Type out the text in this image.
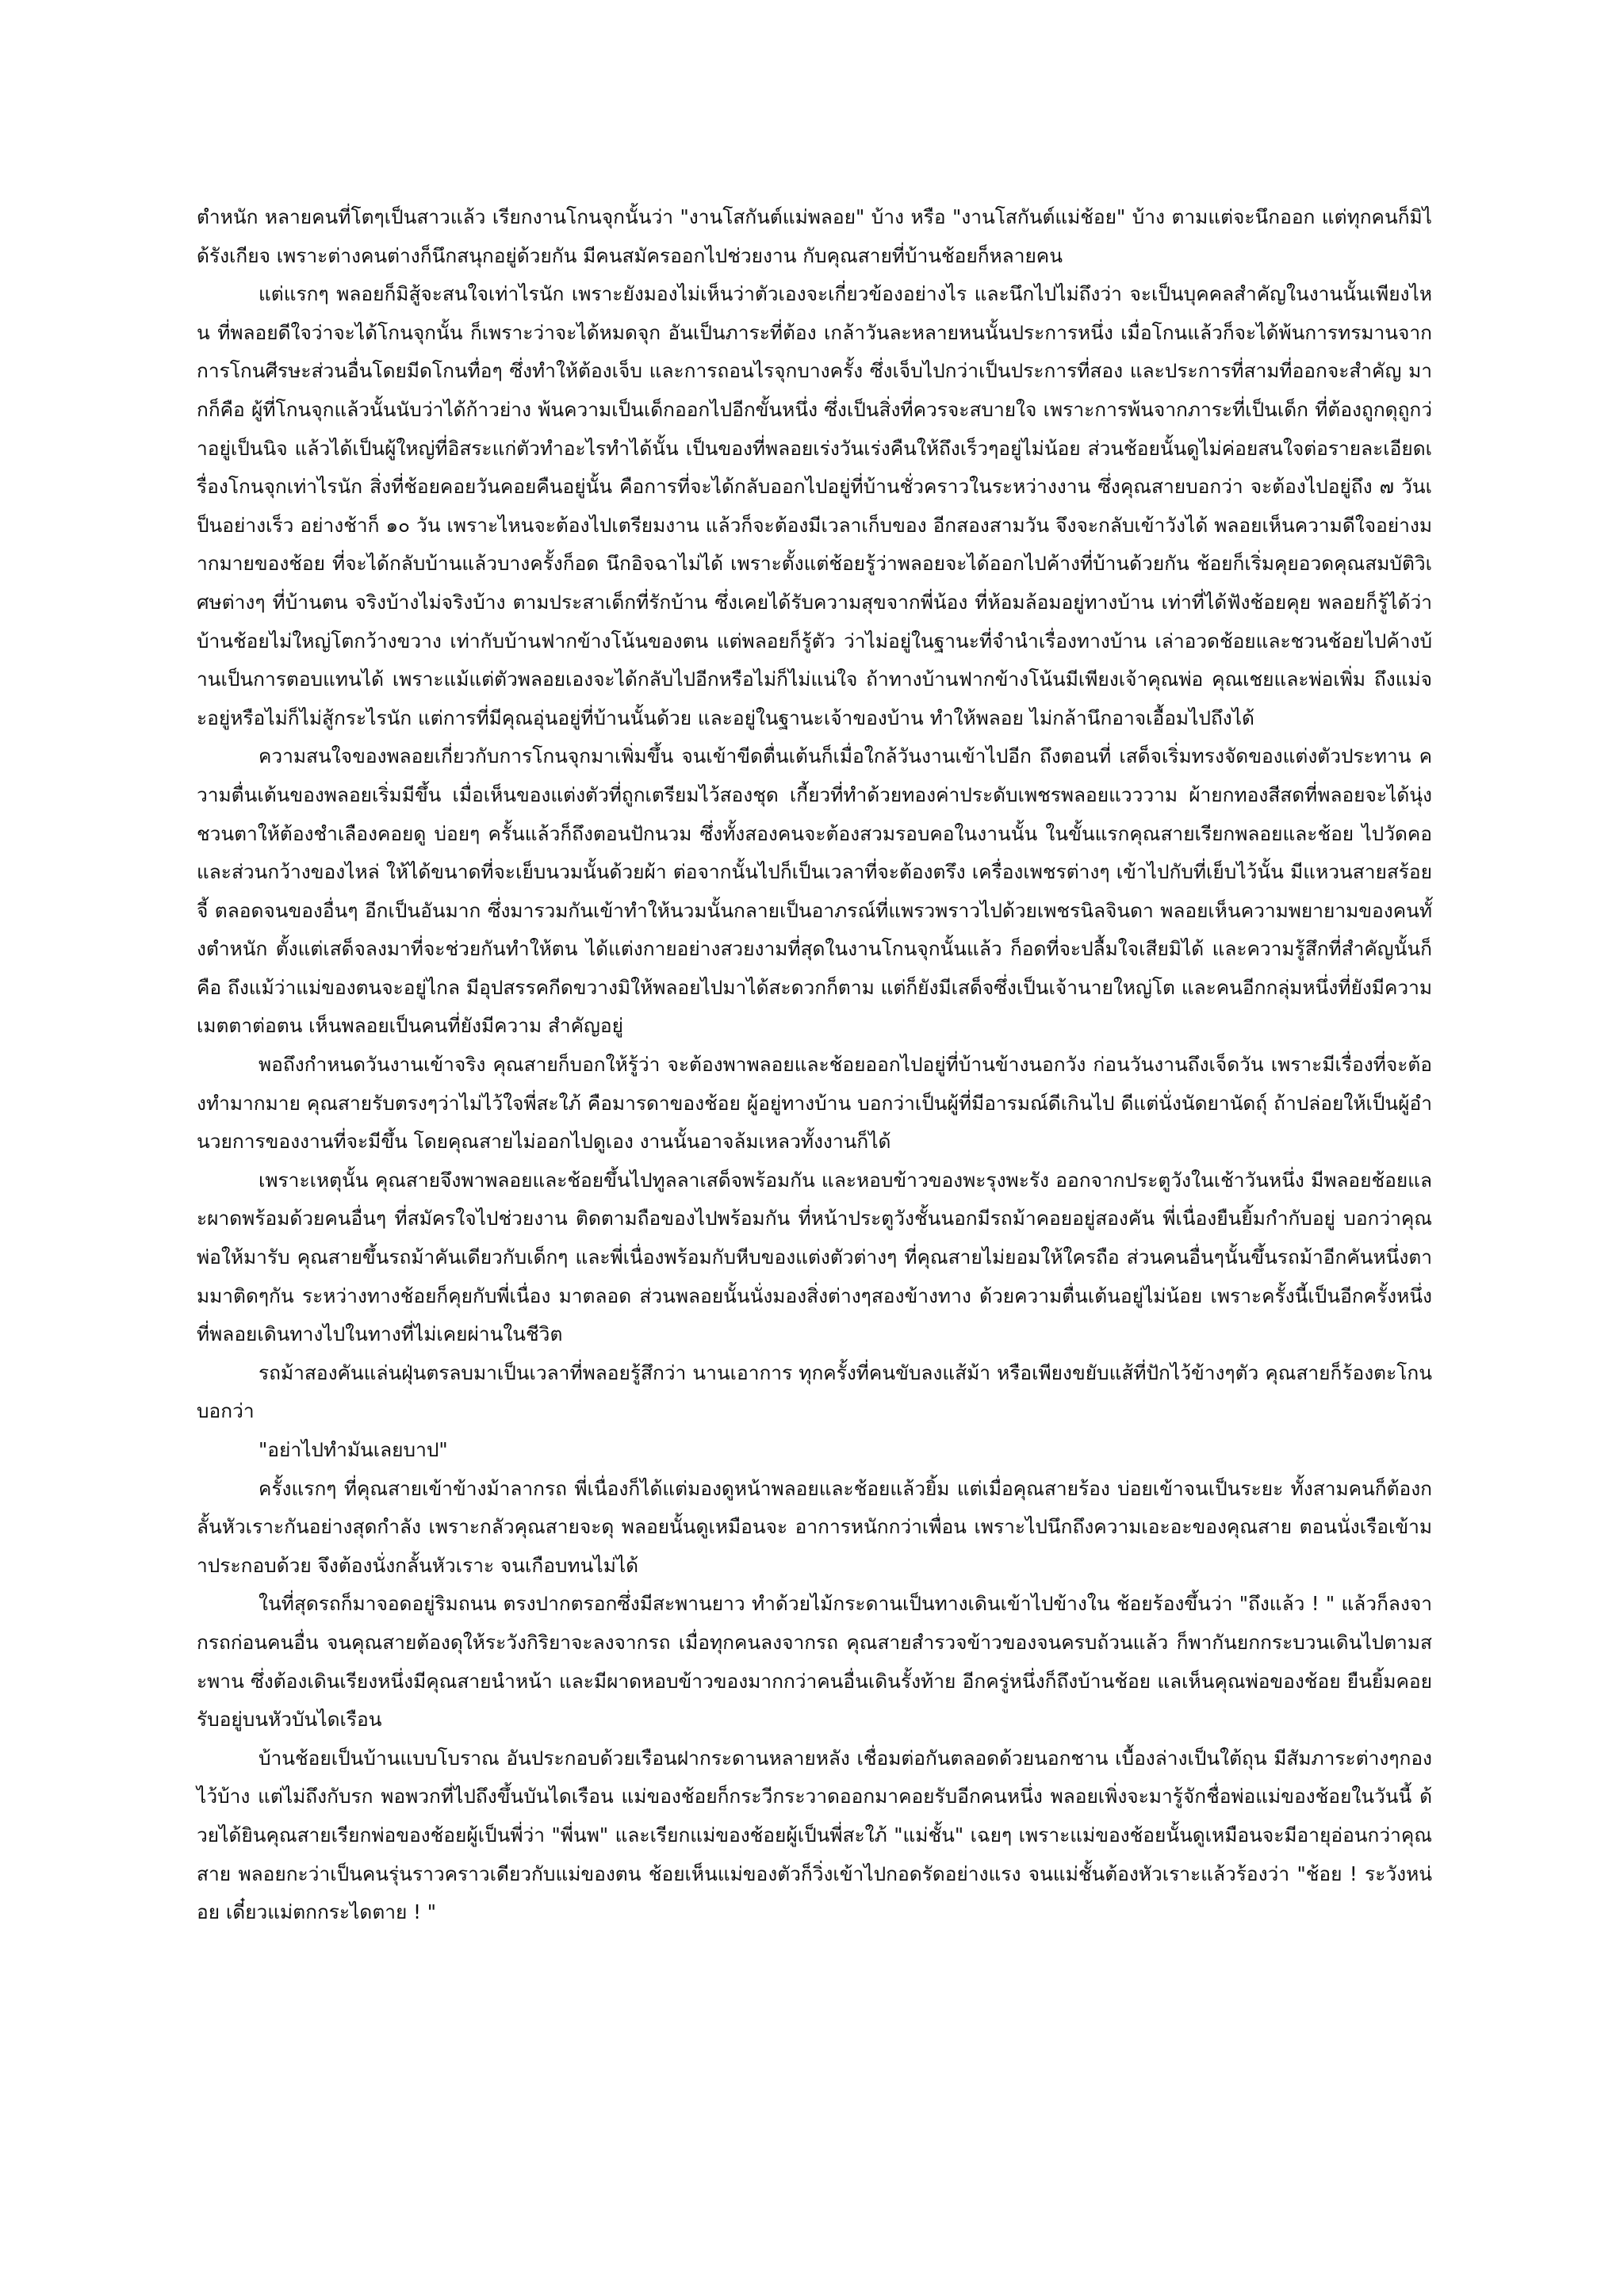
ตำหนัก หลายคนที่โตๆเป็นสาวแล้ว เรียกงานโกนจุกนั้นว่า "งานโสกันต์แม่พลอย" บ้าง หรือ "งานโสกันต์แม่ช้อย" บ้าง ตามแต่จะนึกออก แต่ทุกคนก็มิได้รังเกียจ เพราะต่างคนต่างก็นึกสนุกอยู่ด้วยกัน มีคนสมัครออกไปช่วยงาน กับคุณสายที่บ้านช้อยก็หลายคน

แต่แรกๆ พลอยก็มิสู้จะสนใจเท่าไรนัก เพราะยังมองไม่เห็นว่าตัวเองจะเกี่ยวข้องอย่างไร และนึกไปไม่ถึงว่า จะเป็นบุคคลสำคัญในงานนั้นเพียงไหน ที่พลอยดีใจว่าจะได้โกนจุกนั้น ก็เพราะว่าจะได้หมดจุก อันเป็นภาระที่ต้อง เกล้าวันละหลายหนนั้นประการหนึ่ง เมื่อโกนแล้วก็จะได้พ้นการทรมานจากการโกนศีรษะส่วนอื่นโดยมีดโกนทื่อๆ ซึ่งทำให้ต้องเจ็บ และการถอนไรจุกบางครั้ง ซึ่งเจ็บไปกว่าเป็นประการที่สอง และประการที่สามที่ออกจะสำคัญ มากก็คือ ผู้ที่โกนจุกแล้วนั้นนับว่าได้ก้าวย่าง พ้นความเป็นเด็กออกไปอีกขั้นหนึ่ง ซึ่งเป็นสิ่งที่ควรจะสบายใจ เพราะการพ้นจากภาระที่เป็นเด็ก ที่ต้องถูกดุถูกว่าอยู่เป็นนิจ แล้วได้เป็นผู้ใหญ่ที่อิสระแก่ตัวทำอะไรทำได้นั้น เป็นของที่พลอยเร่งวันเร่งคืนให้ถึงเร็วๆอยู่ไม่น้อย ส่วนช้อยนั้นดูไม่ค่อยสนใจต่อรายละเอียดเรื่องโกนจุกเท่าไรนัก สิ่งที่ช้อยคอยวันคอยคืนอยู่นั้น คือการที่จะได้กลับออกไปอยู่ที่บ้านชั่วคราวในระหว่างงาน ซึ่งคุณสายบอกว่า จะต้องไปอยู่ถึง ๗ วันเป็นอย่างเร็ว อย่างช้าก็ ๑๐ วัน เพราะไหนจะต้องไปเตรียมงาน แล้วก็จะต้องมีเวลาเก็บของ อีกสองสามวัน จึงจะกลับเข้าวังได้ พลอยเห็นความดีใจอย่างมากมายของช้อย ที่จะได้กลับบ้านแล้วบางครั้งก็อด นึกอิจฉาไม่ได้ เพราะตั้งแต่ช้อยรู้ว่าพลอยจะได้ออกไปค้างที่บ้านด้วยกัน ช้อยก็เริ่มคุยอวดคุณสมบัติวิเศษต่างๆ ที่บ้านตน จริงบ้างไม่จริงบ้าง ตามประสาเด็กที่รักบ้าน ซึ่งเคยได้รับความสุขจากพี่น้อง ที่ห้อมล้อมอยู่ทางบ้าน เท่าที่ได้ฟังช้อยคุย พลอยก็รู้ได้ว่าบ้านช้อยไม่ใหญ่โตกว้างขวาง เท่ากับบ้านฟากข้างโน้นของตน แต่พลอยก็รู้ตัว ว่าไม่อยู่ในฐานะที่จำนำเรื่องทางบ้าน เล่าอวดช้อยและชวนช้อยไปค้างบ้านเป็นการตอบแทนได้ เพราะแม้แต่ตัวพลอยเองจะได้กลับไปอีกหรือไม่ก็ไม่แน่ใจ ถ้าทางบ้านฟากข้างโน้นมีเพียงเจ้าคุณพ่อ คุณเชยและพ่อเพิ่ม ถึงแม่จะอยู่หรือไม่ก็ไม่สู้กระไรนัก แต่การที่มีคุณอุ่นอยู่ที่บ้านนั้นด้วย และอยู่ในฐานะเจ้าของบ้าน ทำให้พลอย ไม่กล้านึกอาจเอื้อมไปถึงได้

ความสนใจของพลอยเกี่ยวกับการโกนจุกมาเพิ่มขึ้น จนเข้าขีดตื่นเต้นก็เมื่อใกล้วันงานเข้าไปอีก ถึงตอนที่ เสด็จเริ่มทรงจัดของแต่งตัวประทาน ความตื่นเต้นของพลอยเริ่มมีขึ้น เมื่อเห็นของแต่งตัวที่ถูกเตรียมไว้สองชุด เกี้ยวที่ทำด้วยทองค่าประดับเพชรพลอยแวววาม ผ้ายกทองสีสดที่พลอยจะได้นุ่ง ชวนตาให้ต้องชำเลืองคอยดู บ่อยๆ ครั้นแล้วก็ถึงตอนปักนวม ซึ่งทั้งสองคนจะต้องสวมรอบคอในงานนั้น ในขั้นแรกคุณสายเรียกพลอยและช้อย ไปวัดคอและส่วนกว้างของไหล่ ให้ได้ขนาดที่จะเย็บนวมนั้นด้วยผ้า ต่อจากนั้นไปก็เป็นเวลาที่จะต้องตรึง เครื่องเพชรต่างๆ เข้าไปกับที่เย็บไว้นั้น มีแหวนสายสร้อยจี้ ตลอดจนของอื่นๆ อีกเป็นอันมาก ซึ่งมารวมกันเข้าทำให้นวมนั้นกลายเป็นอาภรณ์ที่แพรวพราวไปด้วยเพชรนิลจินดา พลอยเห็นความพยายามของคนทั้งตำหนัก ตั้งแต่เสด็จลงมาที่จะช่วยกันทำให้ตน ได้แต่งกายอย่างสวยงามที่สุดในงานโกนจุกนั้นแล้ว ก็อดที่จะปลื้มใจเสียมิได้ และความรู้สึกที่สำคัญนั้นก็คือ ถึงแม้ว่าแม่ของตนจะอยู่ไกล มีอุปสรรคกีดขวางมิให้พลอยไปมาได้สะดวกก็ตาม แต่ก็ยังมีเสด็จซึ่งเป็นเจ้านายใหญ่โต และคนอีกกลุ่มหนึ่งที่ยังมีความเมตตาต่อตน เห็นพลอยเป็นคนที่ยังมีความ สำคัญอยู่

พอถึงกำหนดวันงานเข้าจริง คุณสายก็บอกให้รู้ว่า จะต้องพาพลอยและช้อยออกไปอยู่ที่บ้านข้างนอกวัง ก่อนวันงานถึงเจ็ดวัน เพราะมีเรื่องที่จะต้องทำมากมาย คุณสายรับตรงๆว่าไม่ไว้ใจพี่สะใภ้ คือมารดาของช้อย ผู้อยู่ทางบ้าน บอกว่าเป็นผู้ที่มีอารมณ์ดีเกินไป ดีแต่นั่งนัดยานัดถุ์ ถ้าปล่อยให้เป็นผู้อำนวยการของงานที่จะมีขึ้น โดยคุณสายไม่ออกไปดูเอง งานนั้นอาจล้มเหลวทั้งงานก็ได้

เพราะเหตุนั้น คุณสายจึงพาพลอยและช้อยขึ้นไปทูลลาเสด็จพร้อมกัน และหอบข้าวของพะรุงพะรัง ออกจากประตูวังในเช้าวันหนึ่ง มีพลอยช้อยและผาดพร้อมด้วยคนอื่นๆ ที่สมัครใจไปช่วยงาน ติดตามถือของไปพร้อมกัน ที่หน้าประตูวังชั้นนอกมีรถม้าคอยอยู่สองคัน พี่เนื่องยืนยิ้มกำกับอยู่ บอกว่าคุณพ่อให้มารับ คุณสายขึ้นรถม้าคันเดียวกับเด็กๆ และพี่เนื่องพร้อมกับหีบของแต่งตัวต่างๆ ที่คุณสายไม่ยอมให้ใครถือ ส่วนคนอื่นๆนั้นขึ้นรถม้าอีกคันหนึ่งตามมาติดๆกัน ระหว่างทางช้อยก็คุยกับพี่เนื่อง มาตลอด ส่วนพลอยนั้นนั่งมองสิ่งต่างๆสองข้างทาง ด้วยความตื่นเต้นอยู่ไม่น้อย เพราะครั้งนี้เป็นอีกครั้งหนึ่ง ที่พลอยเดินทางไปในทางที่ไม่เคยผ่านในชีวิต

รถม้าสองคันแล่นฝุ่นตรลบมาเป็นเวลาที่พลอยรู้สึกว่า นานเอาการ ทุกครั้งที่คนขับลงแส้ม้า หรือเพียงขยับแส้ที่ปักไว้ข้างๆตัว คุณสายก็ร้องตะโกนบอกว่า

"อย่าไปทำมันเลยบาป"

ครั้งแรกๆ ที่คุณสายเข้าข้างม้าลากรถ พี่เนื่องก็ได้แต่มองดูหน้าพลอยและช้อยแล้วยิ้ม แต่เมื่อคุณสายร้อง บ่อยเข้าจนเป็นระยะ ทั้งสามคนก็ต้องกลั้นหัวเราะกันอย่างสุดกำลัง เพราะกลัวคุณสายจะดุ พลอยนั้นดูเหมือนจะ อาการหนักกว่าเพื่อน เพราะไปนึกถึงความเอะอะของคุณสาย ตอนนั่งเรือเข้ามาประกอบด้วย จึงต้องนั่งกลั้นหัวเราะ จนเกือบทนไม่ได้

ในที่สุดรถก็มาจอดอยู่ริมถนน ตรงปากตรอกซึ่งมีสะพานยาว ทำด้วยไม้กระดานเป็นทางเดินเข้าไปข้างใน ช้อยร้องขึ้นว่า "ถึงแล้ว ! " แล้วก็ลงจากรถก่อนคนอื่น จนคุณสายต้องดุให้ระวังกิริยาจะลงจากรถ เมื่อทุกคนลงจากรถ คุณสายสำรวจข้าวของจนครบถ้วนแล้ว ก็พากันยกกระบวนเดินไปตามสะพาน ซึ่งต้องเดินเรียงหนึ่งมีคุณสายนำหน้า และมีผาดหอบข้าวของมากกว่าคนอื่นเดินรั้งท้าย อีกครู่หนึ่งก็ถึงบ้านช้อย แลเห็นคุณพ่อของช้อย ยืนยิ้มคอยรับอยู่บนหัวบันไดเรือน

บ้านช้อยเป็นบ้านแบบโบราณ อันประกอบด้วยเรือนฝากระดานหลายหลัง เชื่อมต่อกันตลอดด้วยนอกชาน เบื้องล่างเป็นใต้ถุน มีสัมภาระต่างๆกองไว้บ้าง แต่ไม่ถึงกับรก พอพวกที่ไปถึงขึ้นบันไดเรือน แม่ของช้อยก็กระวีกระวาดออกมาคอยรับอีกคนหนึ่ง พลอยเพิ่งจะมารู้จักชื่อพ่อแม่ของช้อยในวันนี้ ด้วยได้ยินคุณสายเรียกพ่อของช้อยผู้เป็นพี่ว่า "พี่นพ" และเรียกแม่ของช้อยผู้เป็นพี่สะใภ้ "แม่ชั้น" เฉยๆ เพราะแม่ของช้อยนั้นดูเหมือนจะมีอายุอ่อนกว่าคุณสาย พลอยกะว่าเป็นคนรุ่นราวคราวเดียวกับแม่ของตน ช้อยเห็นแม่ของตัวก็วิ่งเข้าไปกอดรัดอย่างแรง จนแม่ชั้นต้องหัวเราะแล้วร้องว่า "ช้อย ! ระวังหน่อย เดี๋ยวแม่ตกกระไดตาย ! "
